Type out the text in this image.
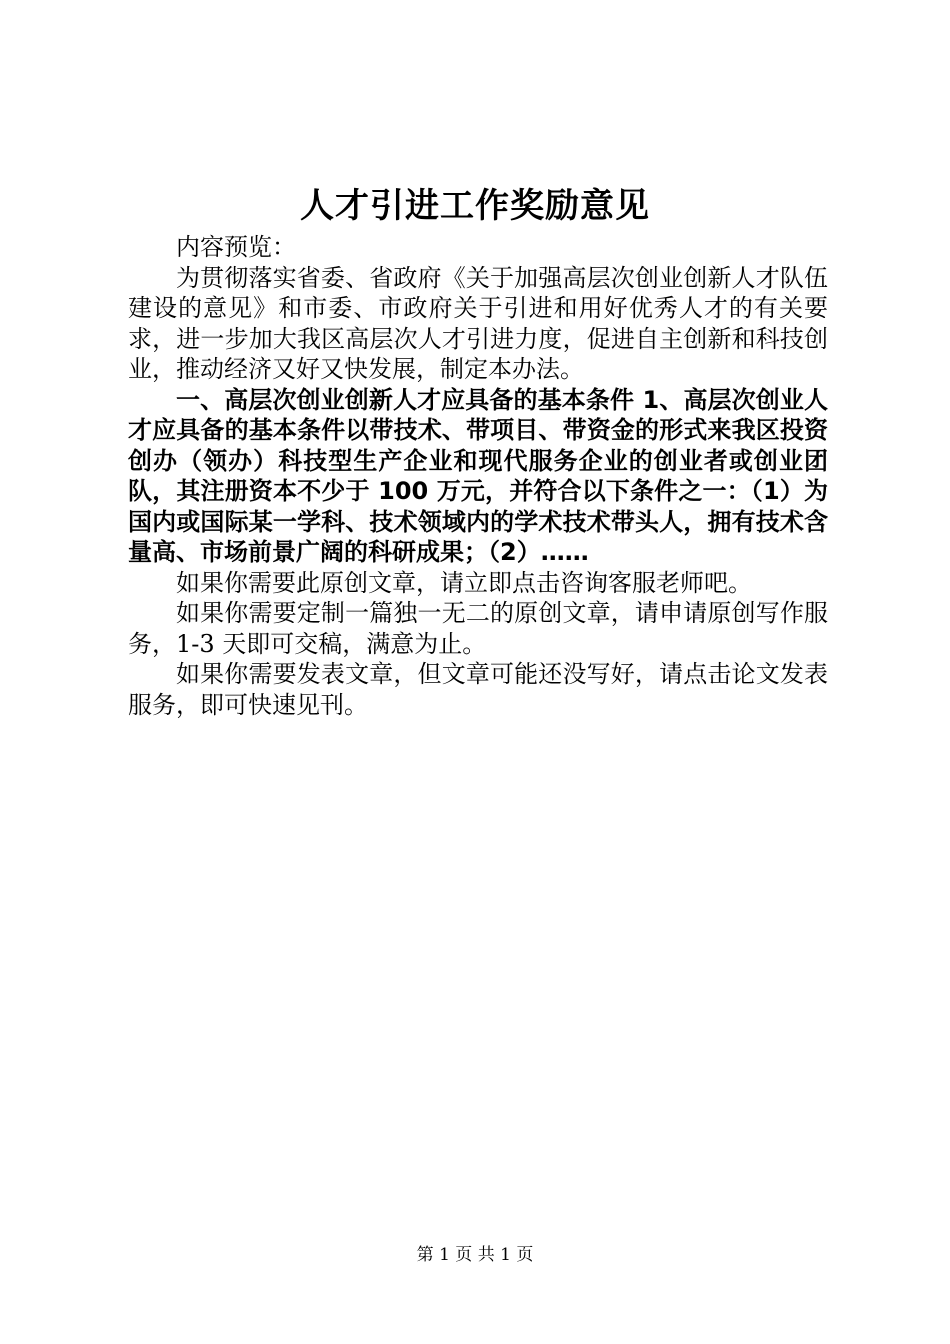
人才引进工作奖励意见

内容预览：

为贯彻落实省委、省政府《关于加强高层次创业创新人才队伍建设的意见》和市委、市政府关于引进和用好优秀人才的有关要求，进一步加大我区高层次人才引进力度，促进自主创新和科技创业，推动经济又好又快发展，制定本办法。

一、高层次创业创新人才应具备的基本条件 1、高层次创业人才应具备的基本条件以带技术、带项目、带资金的形式来我区投资创办（领办）科技型生产企业和现代服务企业的创业者或创业团队，其注册资本不少于 100 万元，并符合以下条件之一：（1）为国内或国际某一学科、技术领域内的学术技术带头人，拥有技术含量高、市场前景广阔的科研成果；（2）……

如果你需要此原创文章，请立即点击咨询客服老师吧。

如果你需要定制一篇独一无二的原创文章，请申请原创写作服务，1-3 天即可交稿，满意为止。

如果你需要发表文章，但文章可能还没写好，请点击论文发表服务，即可快速见刊。

第 1 页 共 1 页
